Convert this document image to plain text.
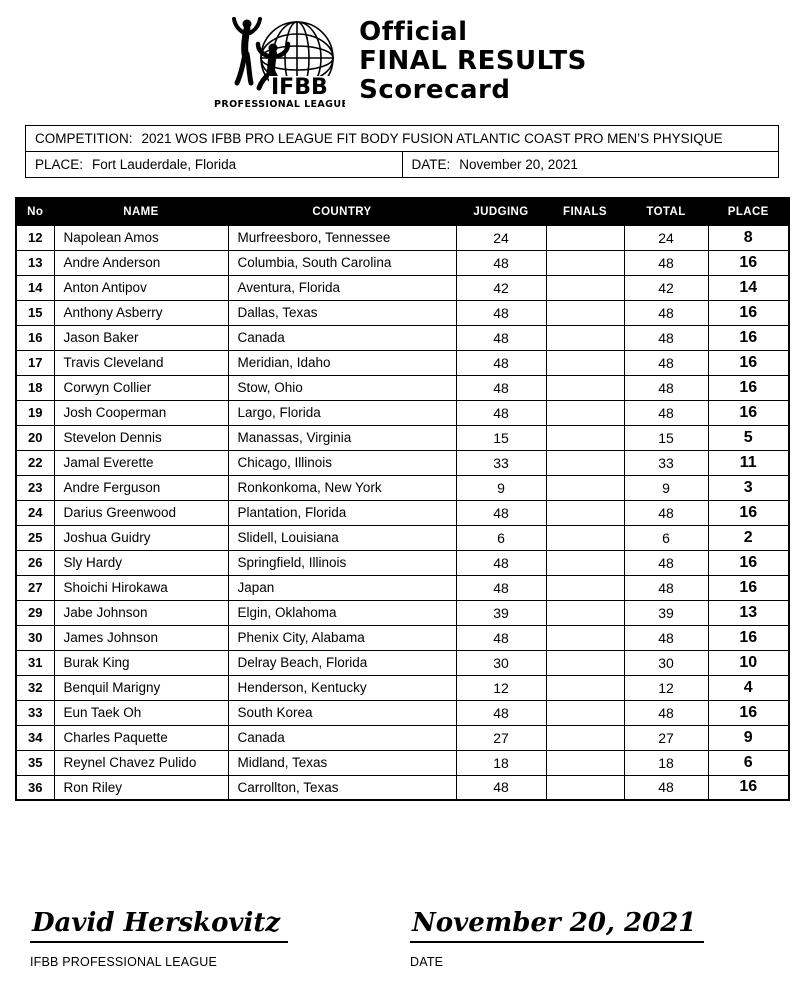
IFBB
PROFESSIONAL LEAGUE
Official
FINAL RESULTS
Scorecard
COMPETITION: 2021 WOS IFBB PRO LEAGUE FIT BODY FUSION ATLANTIC COAST PRO MEN’S PHYSIQUE
PLACE: Fort Lauderdale, Florida	DATE: November 20, 2021
No	NAME	COUNTRY	JUDGING	FINALS	TOTAL	PLACE
12	Napolean Amos	Murfreesboro, Tennessee	24		24	8
13	Andre Anderson	Columbia, South Carolina	48		48	16
14	Anton Antipov	Aventura, Florida	42		42	14
15	Anthony Asberry	Dallas, Texas	48		48	16
16	Jason Baker	Canada	48		48	16
17	Travis Cleveland	Meridian, Idaho	48		48	16
18	Corwyn Collier	Stow, Ohio	48		48	16
19	Josh Cooperman	Largo, Florida	48		48	16
20	Stevelon Dennis	Manassas, Virginia	15		15	5
22	Jamal Everette	Chicago, Illinois	33		33	11
23	Andre Ferguson	Ronkonkoma, New York	9		9	3
24	Darius Greenwood	Plantation, Florida	48		48	16
25	Joshua Guidry	Slidell, Louisiana	6		6	2
26	Sly Hardy	Springfield, Illinois	48		48	16
27	Shoichi Hirokawa	Japan	48		48	16
29	Jabe Johnson	Elgin, Oklahoma	39		39	13
30	James Johnson	Phenix City, Alabama	48		48	16
31	Burak King	Delray Beach, Florida	30		30	10
32	Benquil Marigny	Henderson, Kentucky	12		12	4
33	Eun Taek Oh	South Korea	48		48	16
34	Charles Paquette	Canada	27		27	9
35	Reynel Chavez Pulido	Midland, Texas	18		18	6
36	Ron Riley	Carrollton, Texas	48		48	16
David Herskovitz
IFBB PROFESSIONAL LEAGUE
November 20, 2021
DATE
